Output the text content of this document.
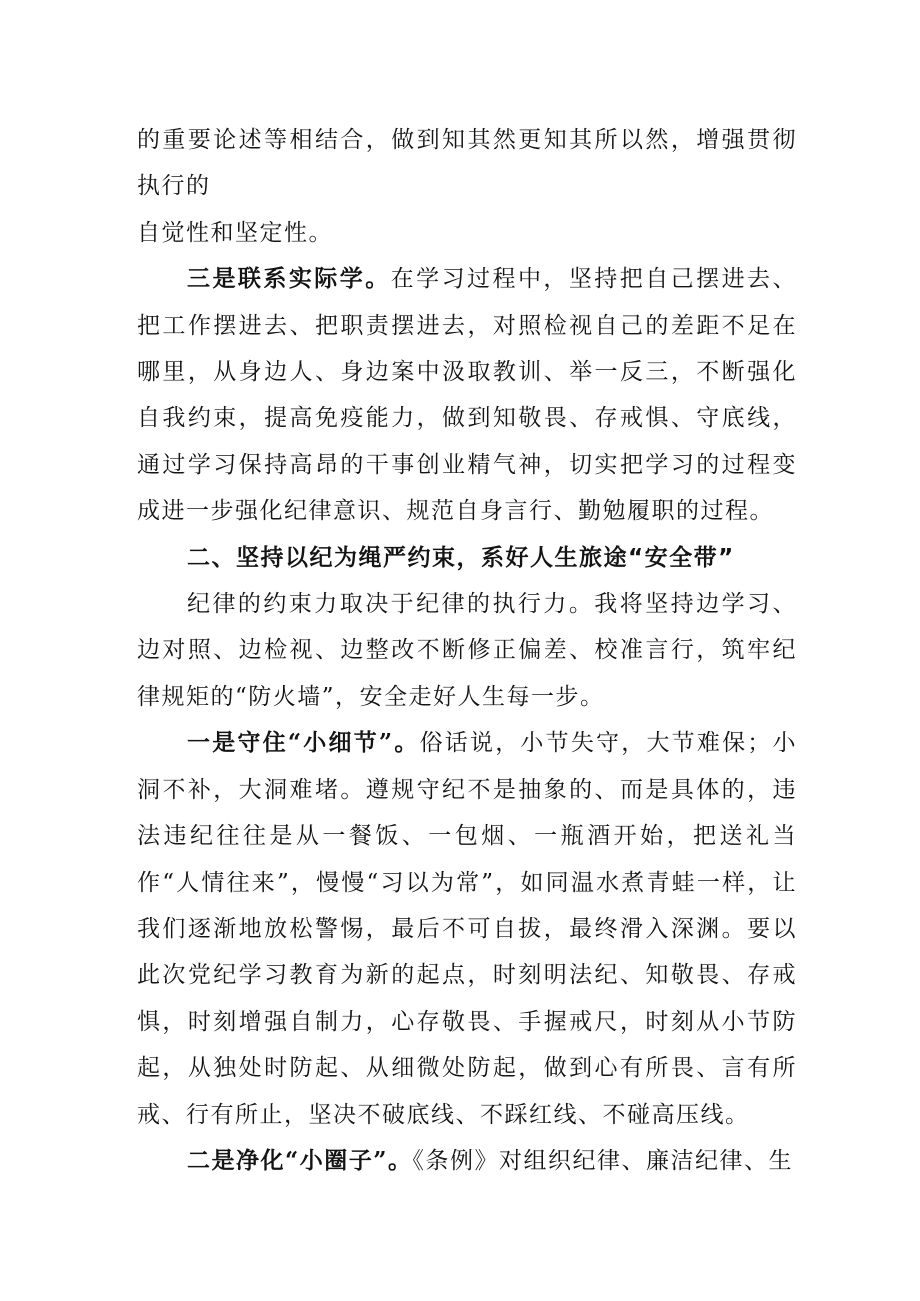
的重要论述等相结合，做到知其然更知其所以然，增强贯彻执行的
自觉性和坚定性。

三是联系实际学。在学习过程中，坚持把自己摆进去、把工作摆进去、把职责摆进去，对照检视自己的差距不足在哪里，从身边人、身边案中汲取教训、举一反三，不断强化自我约束，提高免疫能力，做到知敬畏、存戒惧、守底线，通过学习保持高昂的干事创业精气神，切实把学习的过程变成进一步强化纪律意识、规范自身言行、勤勉履职的过程。

二、坚持以纪为绳严约束，系好人生旅途“安全带”

纪律的约束力取决于纪律的执行力。我将坚持边学习、边对照、边检视、边整改不断修正偏差、校准言行，筑牢纪律规矩的“防火墙”，安全走好人生每一步。

一是守住“小细节”。俗话说，小节失守，大节难保；小洞不补，大洞难堵。遵规守纪不是抽象的、而是具体的，违法违纪往往是从一餐饭、一包烟、一瓶酒开始，把送礼当作“人情往来”，慢慢“习以为常”，如同温水煮青蛙一样，让我们逐渐地放松警惕，最后不可自拔，最终滑入深渊。要以此次党纪学习教育为新的起点，时刻明法纪、知敬畏、存戒惧，时刻增强自制力，心存敬畏、手握戒尺，时刻从小节防起，从独处时防起、从细微处防起，做到心有所畏、言有所戒、行有所止，坚决不破底线、不踩红线、不碰高压线。

二是净化“小圈子”。《条例》对组织纪律、廉洁纪律、生
